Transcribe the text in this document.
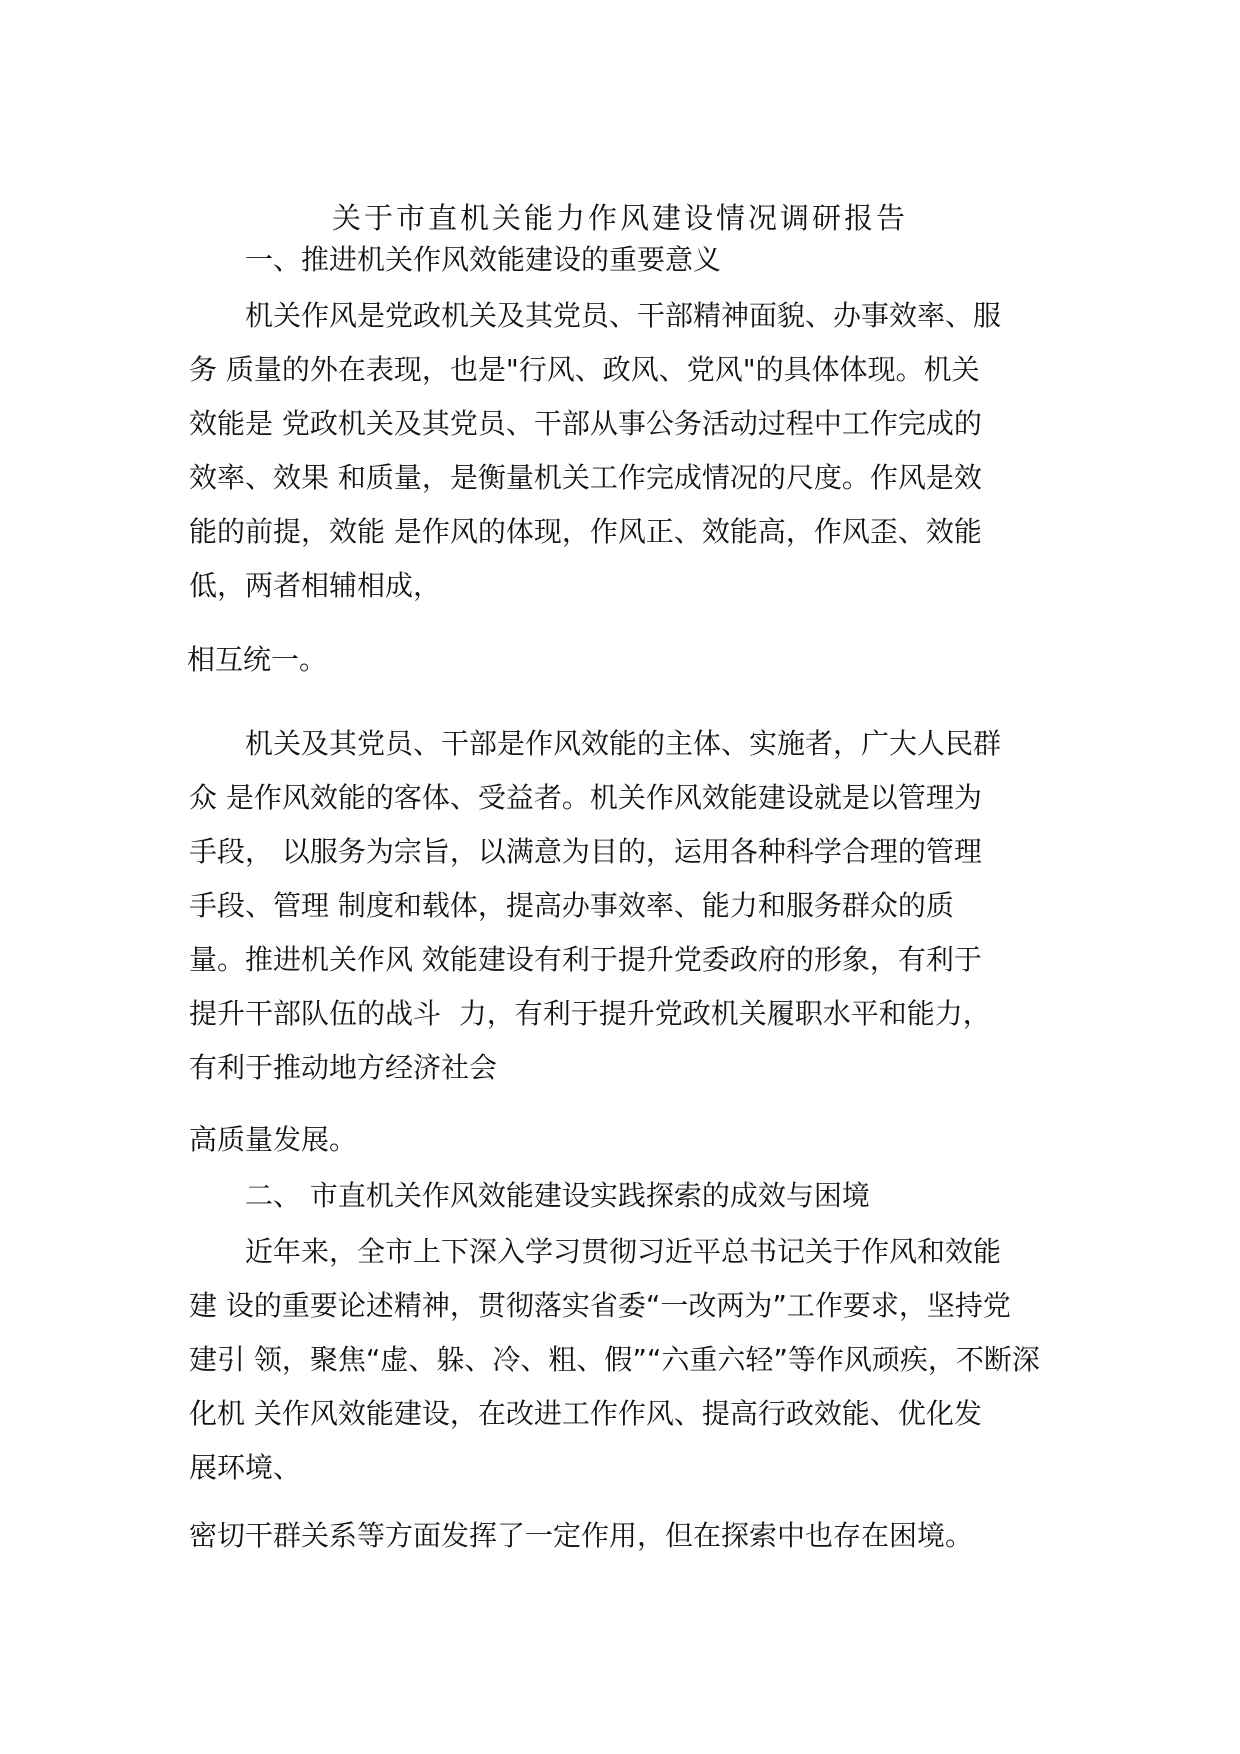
关于市直机关能力作风建设情况调研报告
一、推进机关作风效能建设的重要意义
机关作风是党政机关及其党员、干部精神面貌、办事效率、服
务 质量的外在表现，也是"行风、政风、党风"的具体体现。机关
效能是 党政机关及其党员、干部从事公务活动过程中工作完成的
效率、效果 和质量，是衡量机关工作完成情况的尺度。作风是效
能的前提，效能 是作风的体现，作风正、效能高，作风歪、效能
低，两者相辅相成，
相互统一。
机关及其党员、干部是作风效能的主体、实施者，广大人民群
众 是作风效能的客体、受益者。机关作风效能建设就是以管理为
手段， 以服务为宗旨，以满意为目的，运用各种科学合理的管理
手段、管理 制度和载体，提高办事效率、能力和服务群众的质
量。推进机关作风 效能建设有利于提升党委政府的形象，有利于
提升干部队伍的战斗  力，有利于提升党政机关履职水平和能力，
有利于推动地方经济社会
高质量发展。
二、 市直机关作风效能建设实践探索的成效与困境
近年来，全市上下深入学习贯彻习近平总书记关于作风和效能
建 设的重要论述精神，贯彻落实省委“一改两为”工作要求，坚持党
建引 领，聚焦“虚、躲、冷、粗、假”“六重六轻”等作风顽疾，不断深
化机 关作风效能建设，在改进工作作风、提高行政效能、优化发
展环境、
密切干群关系等方面发挥了一定作用，但在探索中也存在困境。
